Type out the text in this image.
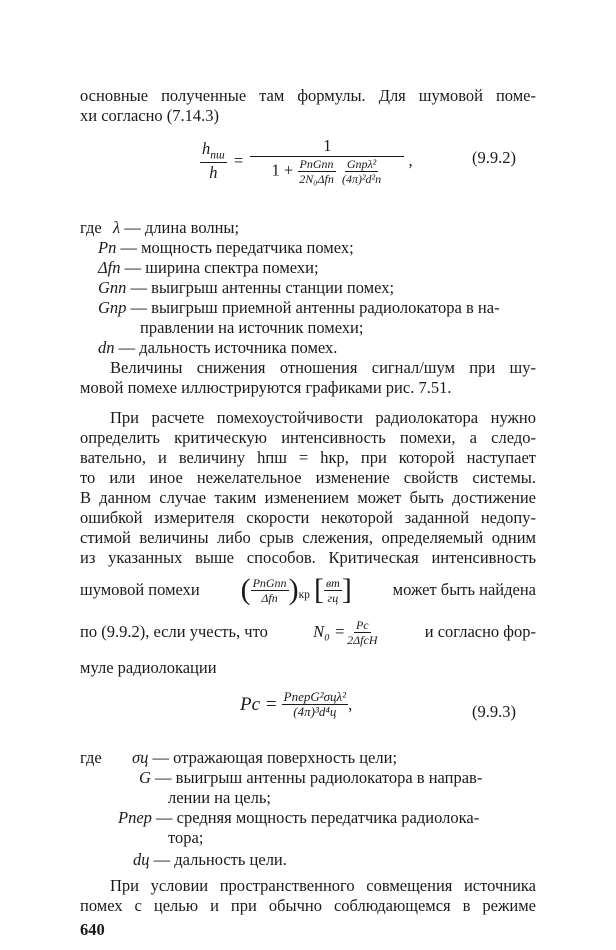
основные полученные там формулы. Для шумовой поме-
хи согласно (7.14.3)
$\frac{h_{пш}}{h} = 1$
$1 + \frac{\text{PпGпп}}{\text{2N₀Δfп}}$
$\frac{\text{Gпрλ²}}{\text{(4π)²d²п}}$ ,	(9.9.2)
где λ — длина волны;
Pп — мощность передатчика помех;
Δfп — ширина спектра помехи;
Gпп — выигрыш антенны станции помех;
Gпр — выигрыш приемной антенны радиолокатора в на-
правлении на источник помехи;
dп — дальность источника помех.
Величины снижения отношения сигнал/шум при шу-
мовой помехе иллюстрируются графиками рис. 7.51.
При расчете помехоустойчивости радиолокатора нужно
определить критическую интенсивность помехи, а следо-
вательно, и величину hпш = hкр, при которой наступает
то или иное нежелательное изменение свойств системы.
В данном случае таким изменением может быть достижение
ошибкой измерителя скорости некоторой заданной недопу-
стимой величины либо срыв слежения, определяемый одним
из указанных выше способов. Критическая интенсивность
шумовой помехи ( $\frac{\text{PпGпп}}{\text{Δfп}} )_{кр}$ [ $\frac{вт}{гц}$ ] может быть найдена
по (9.9.2), если учесть, что	$N_0 = \frac{Pс}{\text{2ΔfсH}}$	и согласно фор-
муле радиолокации
Pс = $\frac{\text{PперG²σцλ²}}{\text{(4π)³d⁴ц}}$ ,	(9.9.3)
где σц — отражающая поверхность цели;
G — выигрыш антенны радиолокатора в направ-
лении на цель;
Pпер — средняя мощность передатчика радиолока-
тора;
dц — дальность цели.
При условии пространственного совмещения источника
помех с целью и при обычно соблюдающемся в режиме
640
